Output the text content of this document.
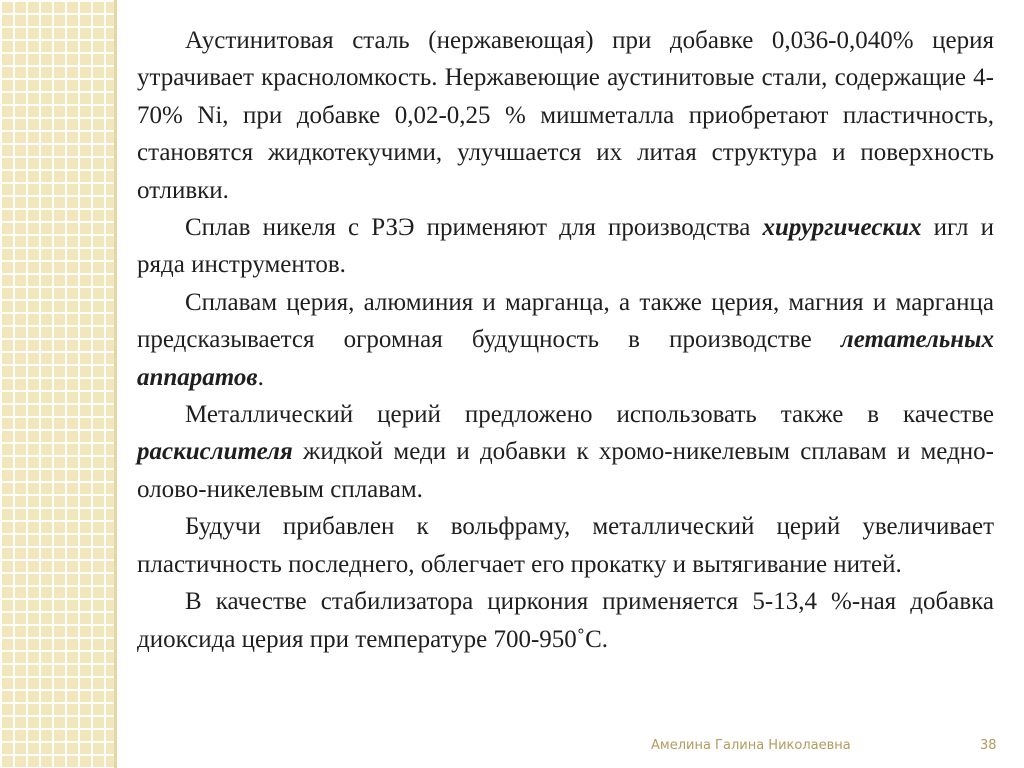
Аустинитовая сталь (нержавеющая) при добавке 0,036-0,040% церия утрачивает красноломкость. Нержавеющие аустинитовые стали, содержащие 4-70% Ni, при добавке 0,02-0,25 % мишметалла приобретают пластичность, становятся жидкотекучими, улучшается их литая структура и поверхность отливки.

Сплав никеля с РЗЭ применяют для производства хирургических игл и ряда инструментов.

Сплавам церия, алюминия и марганца, а также церия, магния и марганца предсказывается огромная будущность в производстве летательных аппаратов.

Металлический церий предложено использовать также в качестве раскислителя жидкой меди и добавки к хромо-никелевым сплавам и медно-олово-никелевым сплавам.

Будучи прибавлен к вольфраму, металлический церий увеличивает пластичность последнего, облегчает его прокатку и вытягивание нитей.

В качестве стабилизатора циркония применяется 5-13,4 %-ная добавка диоксида церия при температуре 700-950˚С.

Амелина Галина Николаевна	38
